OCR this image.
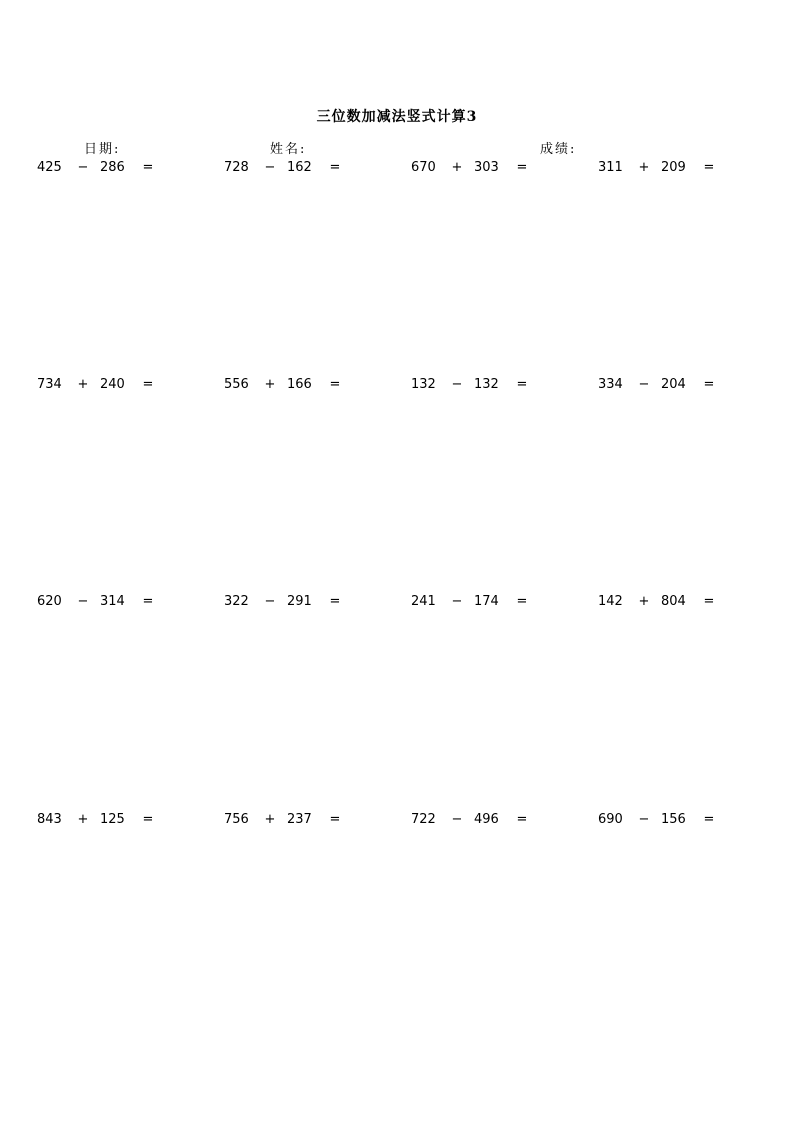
三位数加减法竖式计算3
日期:	姓名:	成绩:
425 − 286 =	728 − 162 =	670 + 303 =	311 + 209 =
734 + 240 =	556 + 166 =	132 − 132 =	334 − 204 =
620 − 314 =	322 − 291 =	241 − 174 =	142 + 804 =
843 + 125 =	756 + 237 =	722 − 496 =	690 − 156 =
